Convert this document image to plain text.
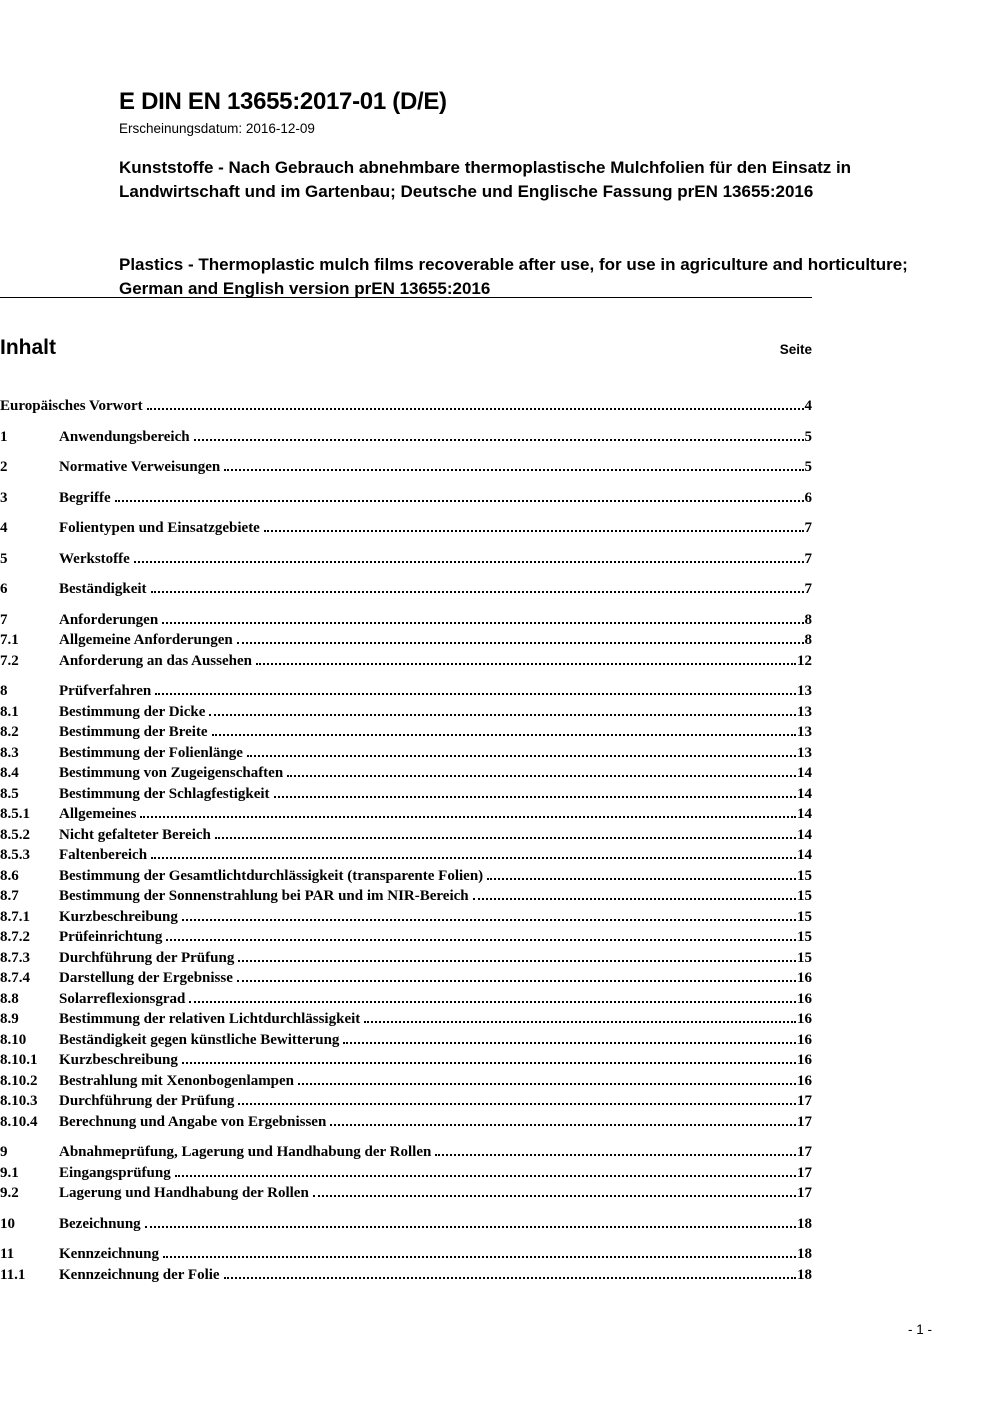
E DIN EN 13655:2017-01 (D/E)
Erscheinungsdatum: 2016-12-09
Kunststoffe - Nach Gebrauch abnehmbare thermoplastische Mulchfolien für den Einsatz in Landwirtschaft und im Gartenbau; Deutsche und Englische Fassung prEN 13655:2016
Plastics - Thermoplastic mulch films recoverable after use, for use in agriculture and horticulture; German and English version prEN 13655:2016
Inhalt	Seite
Europäisches Vorwort	4
1	Anwendungsbereich	5
2	Normative Verweisungen	5
3	Begriffe	6
4	Folientypen und Einsatzgebiete	7
5	Werkstoffe	7
6	Beständigkeit	7
7	Anforderungen	8
7.1	Allgemeine Anforderungen	8
7.2	Anforderung an das Aussehen	12
8	Prüfverfahren	13
8.1	Bestimmung der Dicke	13
8.2	Bestimmung der Breite	13
8.3	Bestimmung der Folienlänge	13
8.4	Bestimmung von Zugeigenschaften	14
8.5	Bestimmung der Schlagfestigkeit	14
8.5.1	Allgemeines	14
8.5.2	Nicht gefalteter Bereich	14
8.5.3	Faltenbereich	14
8.6	Bestimmung der Gesamtlichtdurchlässigkeit (transparente Folien)	15
8.7	Bestimmung der Sonnenstrahlung bei PAR und im NIR-Bereich	15
8.7.1	Kurzbeschreibung	15
8.7.2	Prüfeinrichtung	15
8.7.3	Durchführung der Prüfung	15
8.7.4	Darstellung der Ergebnisse	16
8.8	Solarreflexionsgrad	16
8.9	Bestimmung der relativen Lichtdurchlässigkeit	16
8.10	Beständigkeit gegen künstliche Bewitterung	16
8.10.1	Kurzbeschreibung	16
8.10.2	Bestrahlung mit Xenonbogenlampen	16
8.10.3	Durchführung der Prüfung	17
8.10.4	Berechnung und Angabe von Ergebnissen	17
9	Abnahmeprüfung, Lagerung und Handhabung der Rollen	17
9.1	Eingangsprüfung	17
9.2	Lagerung und Handhabung der Rollen	17
10	Bezeichnung	18
11	Kennzeichnung	18
11.1	Kennzeichnung der Folie	18
- 1 -
